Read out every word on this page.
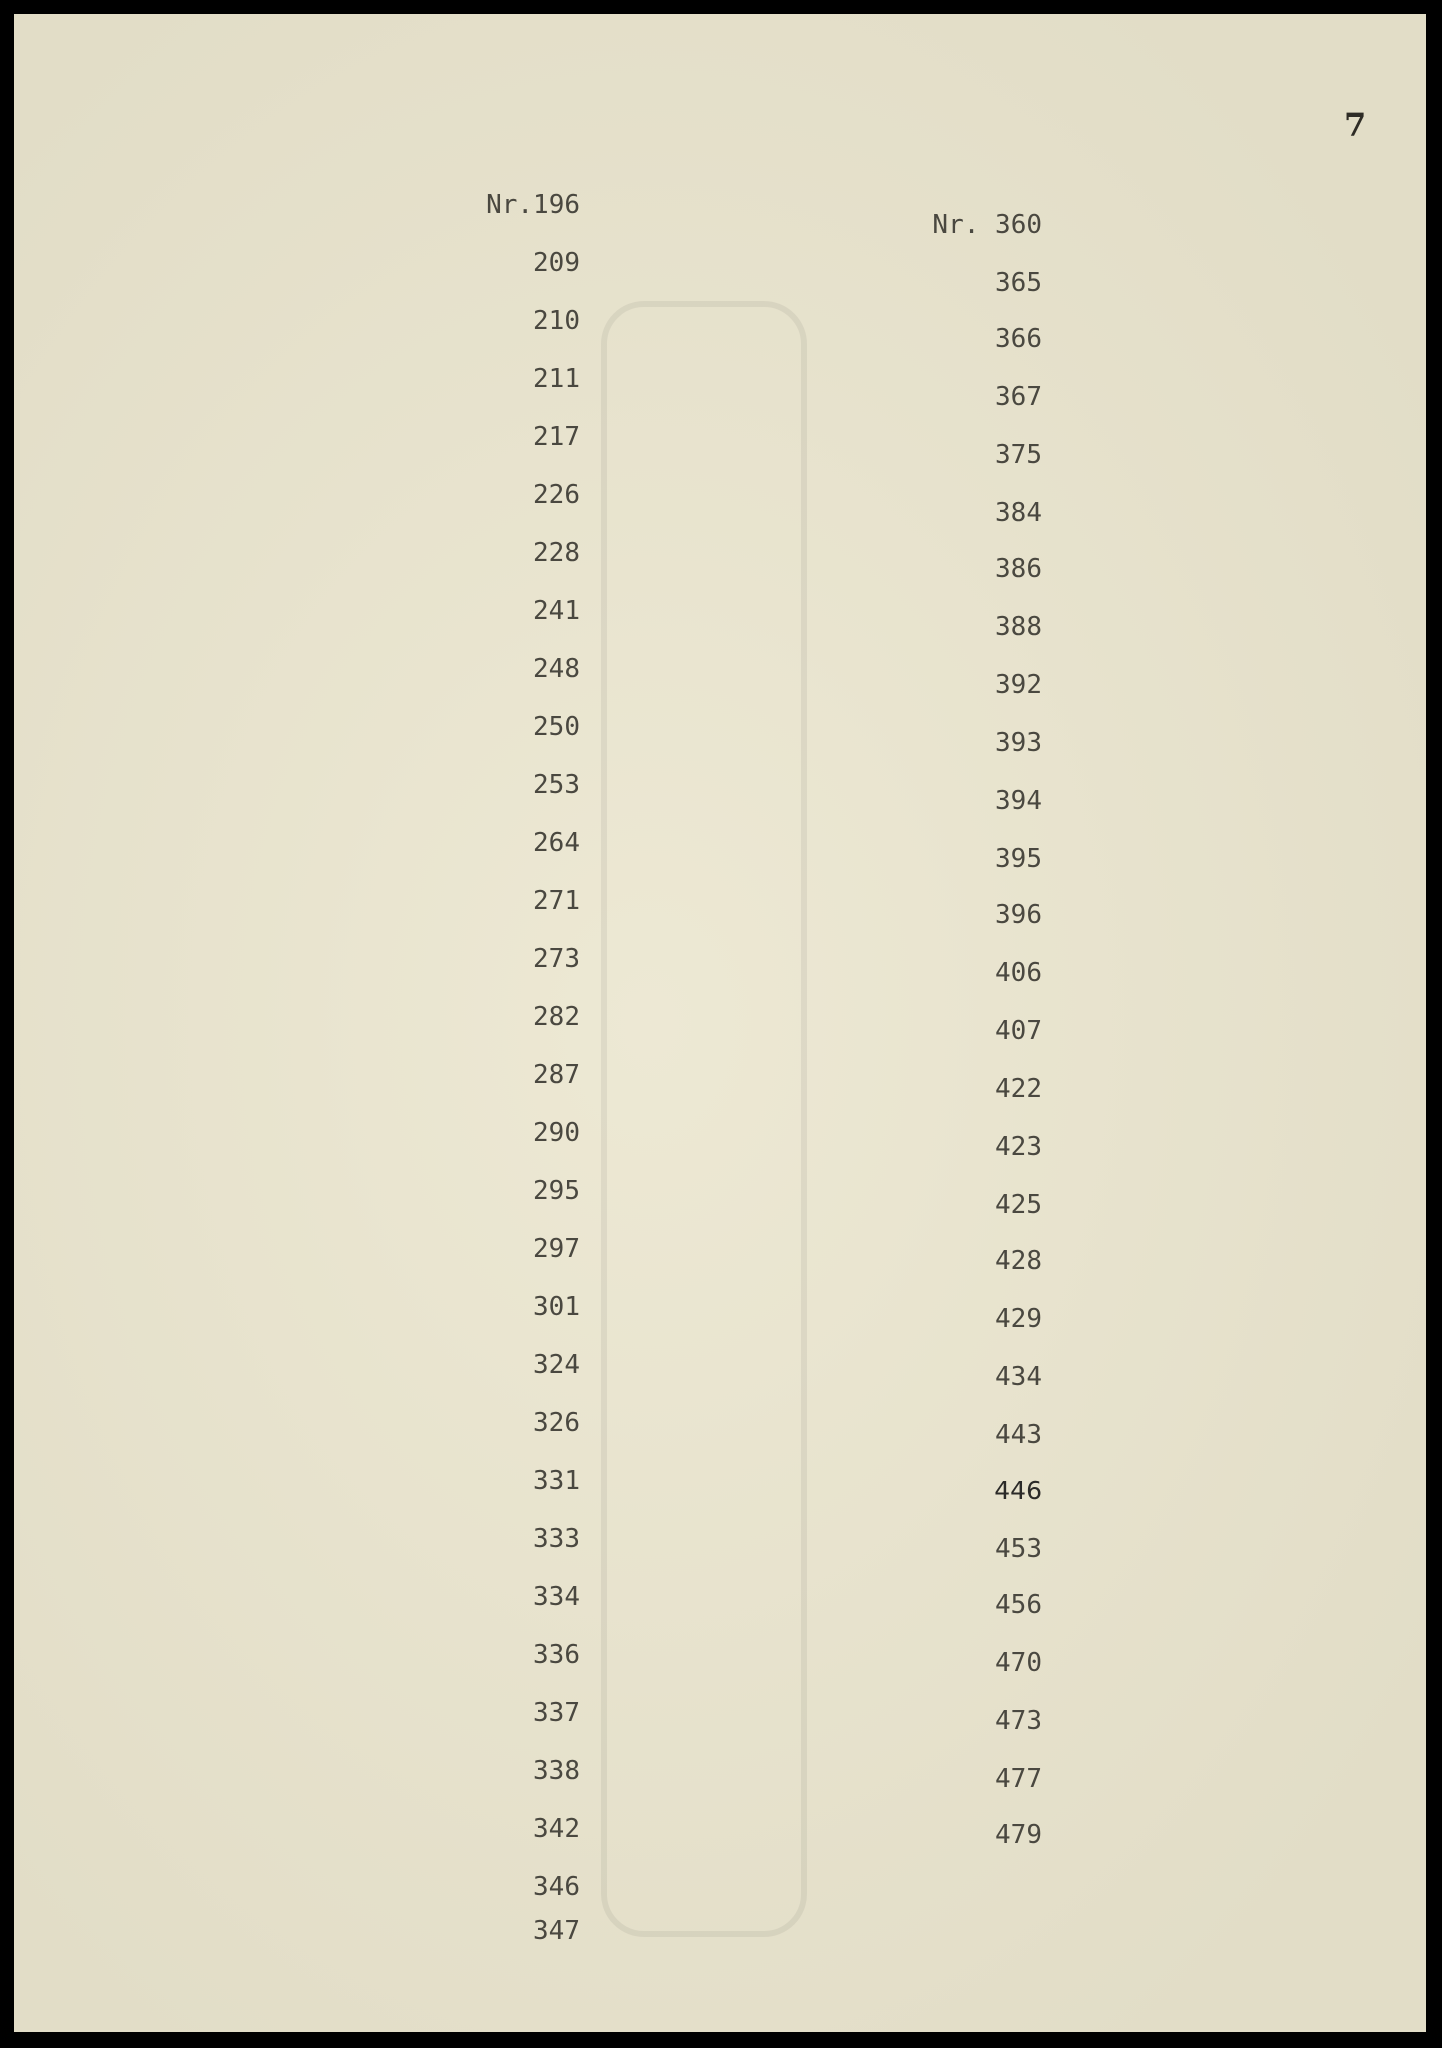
7
Nr.196
209
210
211
217
226
228
241
248
250
253
264
271
273
282
287
290
295
297
301
324
326
331
333
334
336
337
338
342
346
347
Nr. 360
365
366
367
375
384
386
388
392
393
394
395
396
406
407
422
423
425
428
429
434
443
446
453
456
470
473
477
479
